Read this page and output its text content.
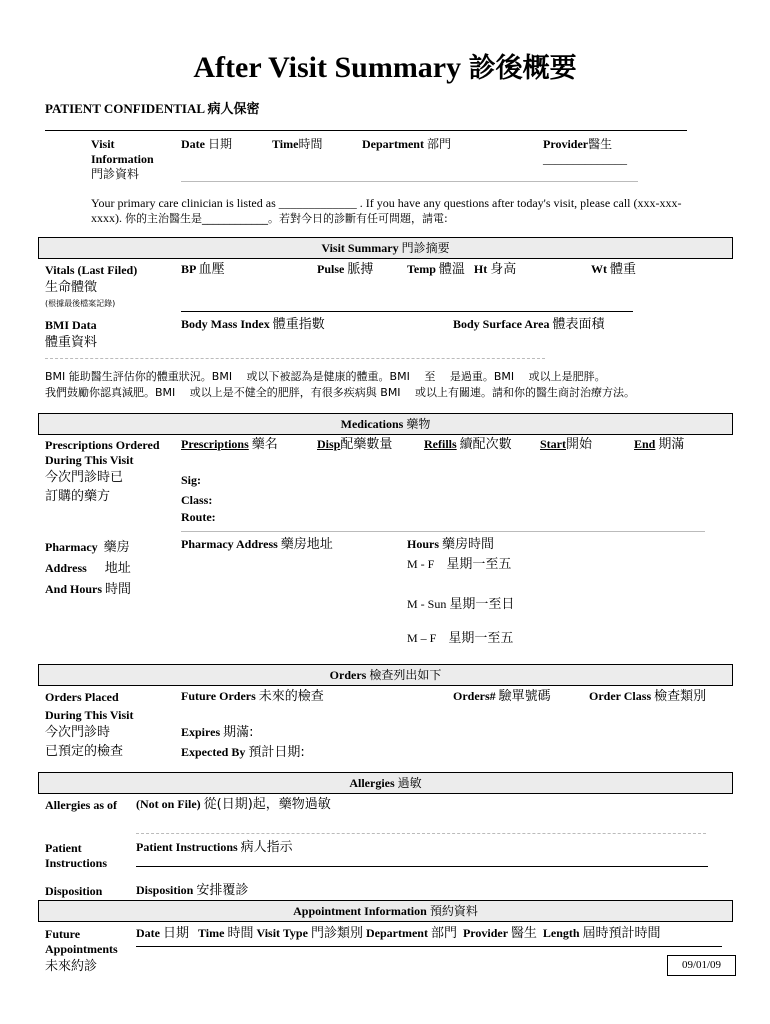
After Visit Summary 診後概要
PATIENT CONFIDENTIAL 病人保密
Visit
Information
門診資料
Date 日期	Time時間	Department 部門	Provider醫生
______________
Your primary care clinician is listed as _____________ . If you have any questions after today's visit, please call (xxx-xxx-
xxxx). 你的主治醫生是____________。若對今日的診斷有任可問題，請電:
Visit Summary 門診摘要
Vitals (Last Filed)
生命體徵
(根據最後檔案記錄)
BP 血壓	Pulse 脈搏	Temp 體溫 Ht 身高	Wt 體重
BMI Data
體重資料
Body Mass Index 體重指數	Body Surface Area 體表面積
BMI 能助醫生評估你的體重狀況。BMI　 或以下被認為是健康的體重。BMI　 至　 是過重。BMI　 或以上是肥胖。
我們鼓勵你認真減肥。BMI　 或以上是不健全的肥胖，有很多疾病與 BMI　 或以上有關連。請和你的醫生商討治療方法。
Medications 藥物
Prescriptions Ordered
During This Visit
今次門診時已
訂購的藥方
Prescriptions 藥名	Disp配藥數量	Refills 續配次數 Start開始	End 期滿
Sig:
Class:
Route:
Pharmacy 藥房
Address 地址
And Hours 時間
Pharmacy Address 藥房地址	Hours 藥房時間
M - F 星期一至五
M - Sun 星期一至日
M – F 星期一至五
Orders 檢查列出如下
Orders Placed
During This Visit
今次門診時
已預定的檢查
Future Orders 未來的檢查	Orders# 驗單號碼	Order Class 檢查類別
Expires 期滿:
Expected By 預計日期:
Allergies 過敏
Allergies as of (Not on File) 從(日期)起，藥物過敏
Patient
Instructions
Patient Instructions 病人指示
Disposition	Disposition 安排覆診
Appointment Information 預約資料
Future
Appointments
未來約診
Date 日期 Time 時間 Visit Type 門診類別 Department 部門 Provider 醫生 Length 屆時預計時間
09/01/09
